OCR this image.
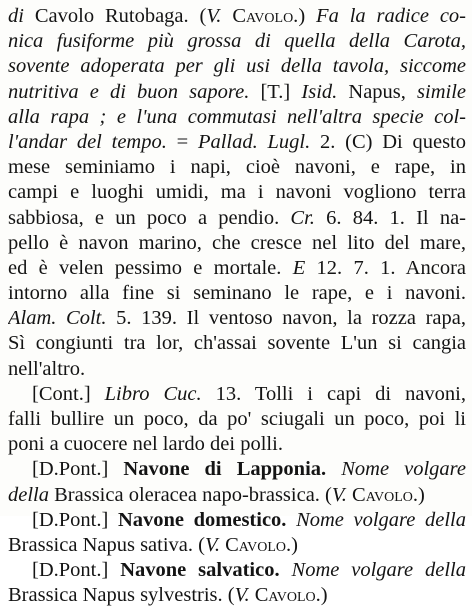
di Cavolo Rutobaga. (V. Cavolo.) Fa la radice co-
nica fusiforme più grossa di quella della Carota,
sovente adoperata per gli usi della tavola, siccome
nutritiva e di buon sapore. [T.] Isid. Napus, simile
alla rapa ; e l'una commutasi nell'altra specie col-
l'andar del tempo. = Pallad. Lugl. 2. (C) Di questo
mese seminiamo i napi, cioè navoni, e rape, in
campi e luoghi umidi, ma i navoni vogliono terra
sabbiosa, e un poco a pendio. Cr. 6. 84. 1. Il na-
pello è navon marino, che cresce nel lito del mare,
ed è velen pessimo e mortale. E 12. 7. 1. Ancora
intorno alla fine si seminano le rape, e i navoni.
Alam. Colt. 5. 139. Il ventoso navon, la rozza rapa,
Sì congiunti tra lor, ch'assai sovente L'un si cangia
nell'altro.
[Cont.] Libro Cuc. 13. Tolli i capi di navoni,
falli bullire un poco, da po' sciugali un poco, poi li
poni a cuocere nel lardo dei polli.
[D.Pont.] Navone di Lapponia. Nome volgare
della Brassica oleracea napo-brassica. (V. Cavolo.)
[D.Pont.] Navone domestico. Nome volgare della
Brassica Napus sativa. (V. Cavolo.)
[D.Pont.] Navone salvatico. Nome volgare della
Brassica Napus sylvestris. (V. Cavolo.)
